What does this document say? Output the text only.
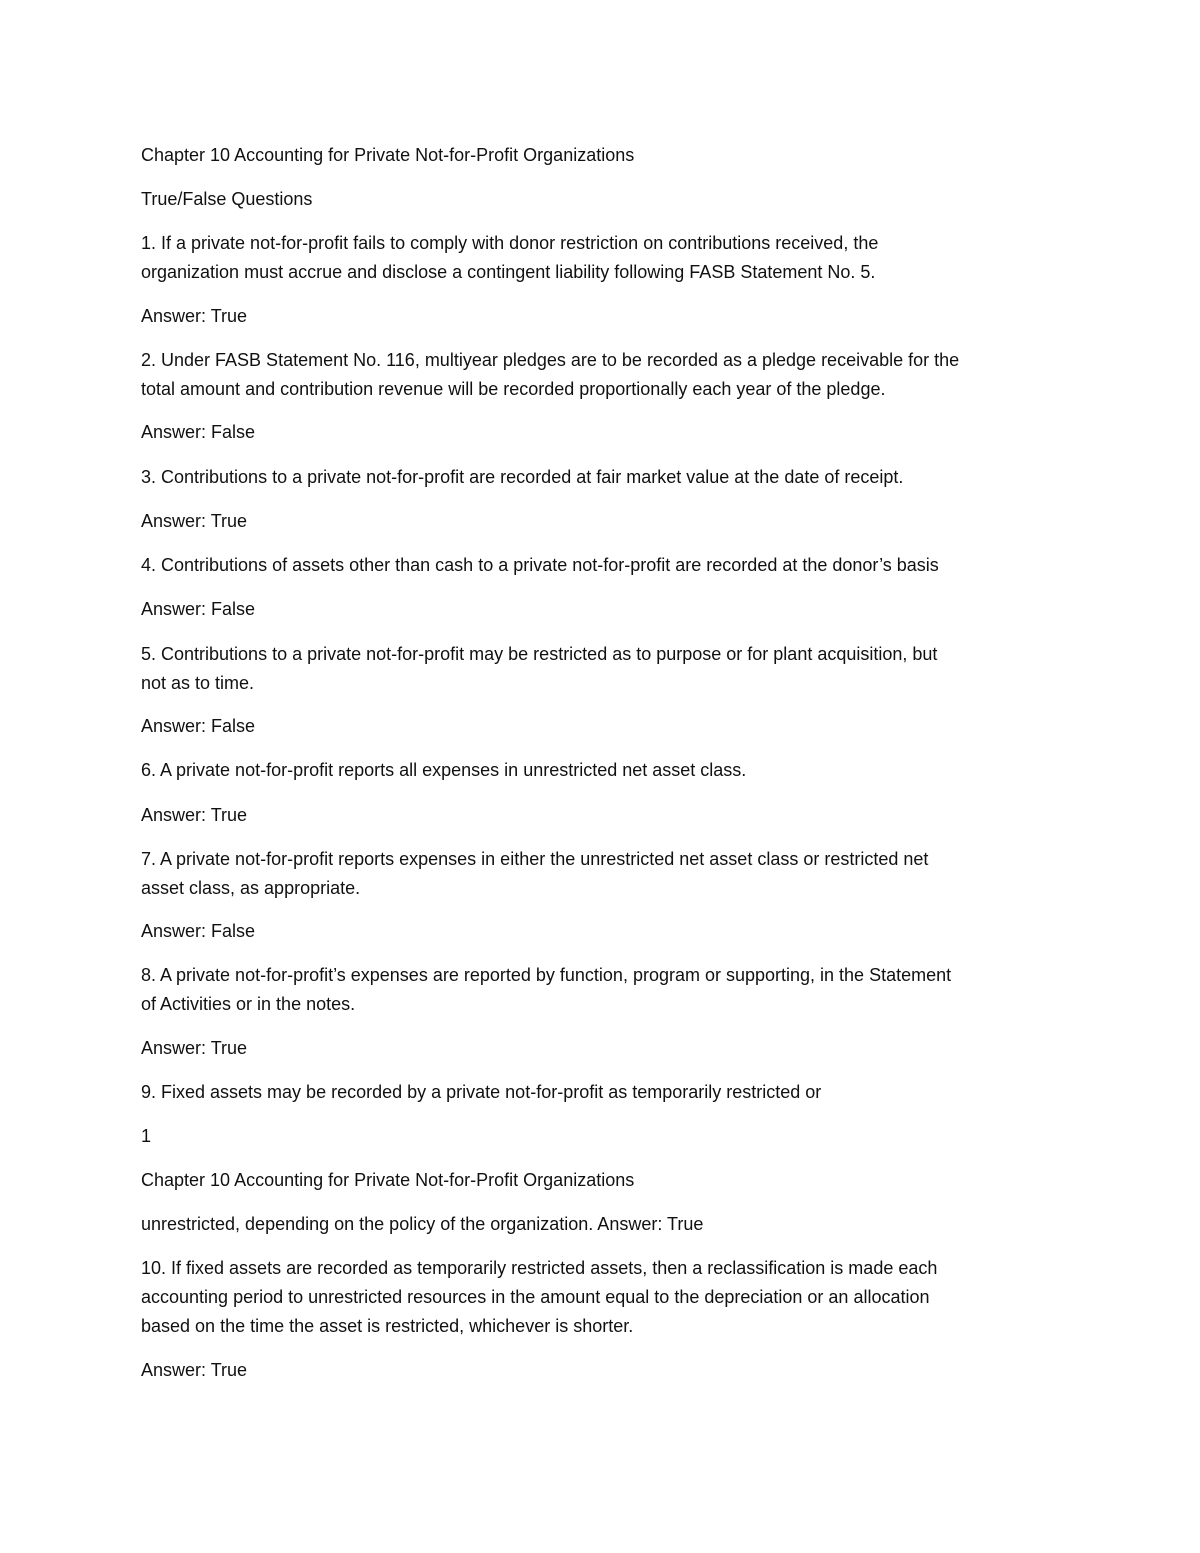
Chapter 10 Accounting for Private Not-for-Profit Organizations

True/False Questions

1. If a private not-for-profit fails to comply with donor restriction on contributions received, the
organization must accrue and disclose a contingent liability following FASB Statement No. 5.

Answer: True

2. Under FASB Statement No. 116, multiyear pledges are to be recorded as a pledge receivable for the
total amount and contribution revenue will be recorded proportionally each year of the pledge.

Answer: False

3. Contributions to a private not-for-profit are recorded at fair market value at the date of receipt.

Answer: True

4. Contributions of assets other than cash to a private not-for-profit are recorded at the donor’s basis

Answer: False

5. Contributions to a private not-for-profit may be restricted as to purpose or for plant acquisition, but
not as to time.

Answer: False

6. A private not-for-profit reports all expenses in unrestricted net asset class.

Answer: True

7. A private not-for-profit reports expenses in either the unrestricted net asset class or restricted net
asset class, as appropriate.

Answer: False

8. A private not-for-profit’s expenses are reported by function, program or supporting, in the Statement
of Activities or in the notes.

Answer: True

9. Fixed assets may be recorded by a private not-for-profit as temporarily restricted or

1

Chapter 10 Accounting for Private Not-for-Profit Organizations

unrestricted, depending on the policy of the organization. Answer: True

10. If fixed assets are recorded as temporarily restricted assets, then a reclassification is made each
accounting period to unrestricted resources in the amount equal to the depreciation or an allocation
based on the time the asset is restricted, whichever is shorter.

Answer: True
